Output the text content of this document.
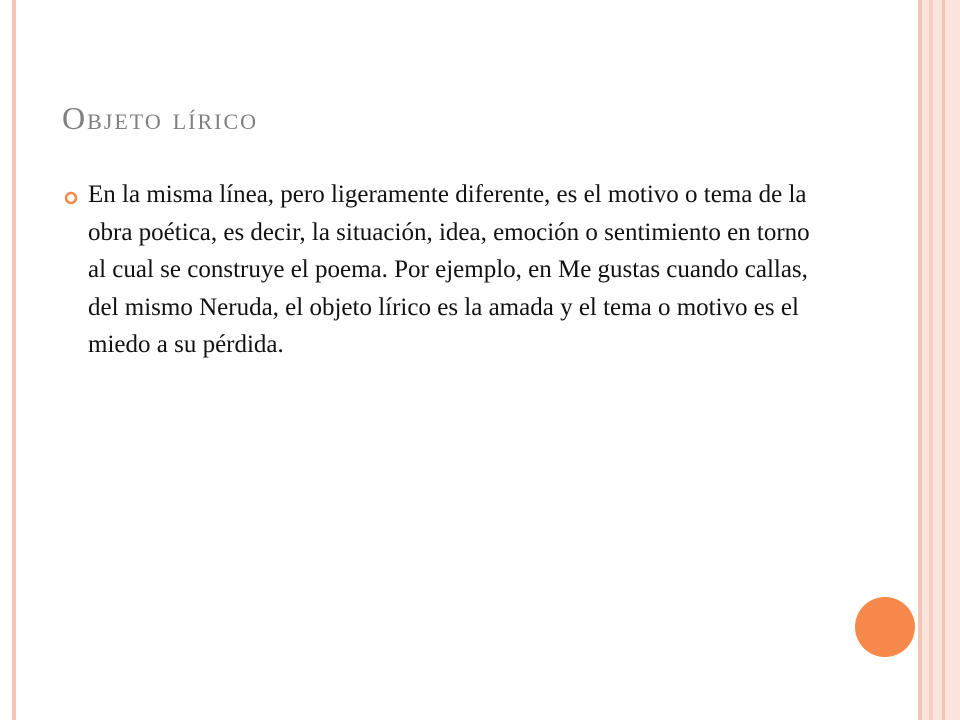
Objeto lírico

En la misma línea, pero ligeramente diferente, es el motivo o tema de la obra poética, es decir, la situación, idea, emoción o sentimiento en torno al cual se construye el poema. Por ejemplo, en Me gustas cuando callas, del mismo Neruda, el objeto lírico es la amada y el tema o motivo es el miedo a su pérdida.
